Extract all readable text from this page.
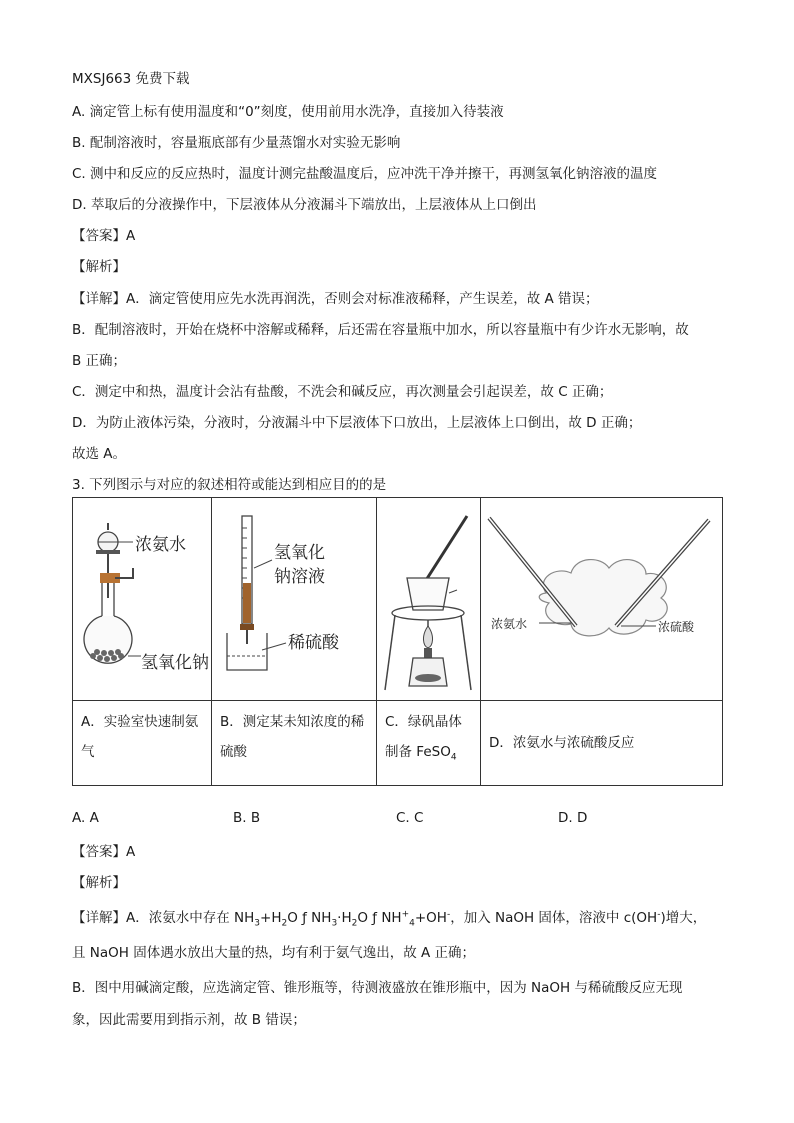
MXSJ663 免费下载
A. 滴定管上标有使用温度和“0”刻度，使用前用水洗净，直接加入待装液
B. 配制溶液时，容量瓶底部有少量蒸馏水对实验无影响
C. 测中和反应的反应热时，温度计测完盐酸温度后，应冲洗干净并擦干，再测氢氧化钠溶液的温度
D. 萃取后的分液操作中，下层液体从分液漏斗下端放出，上层液体从上口倒出
【答案】A
【解析】
【详解】A．滴定管使用应先水洗再润洗，否则会对标准液稀释，产生误差，故 A 错误；
B．配制溶液时，开始在烧杯中溶解或稀释，后还需在容量瓶中加水，所以容量瓶中有少许水无影响，故
B 正确；
C．测定中和热，温度计会沾有盐酸，不洗会和碱反应，再次测量会引起误差，故 C 正确；
D．为防止液体污染，分液时，分液漏斗中下层液体下口放出，上层液体上口倒出，故 D 正确；
故选 A。
3. 下列图示与对应的叙述相符或能达到相应目的的是
浓氨水
氢氧化钠	氢氧化
钠溶液
稀硫酸		浓氨水 浓硫酸

A．实验室快速制氨气	B．测定某未知浓度的稀硫酸	C．绿矾晶体制备 FeSO$_4$	D．浓氨水与浓硫酸反应
A. A	B. B	C. C	D. D
【答案】A
【解析】
【详解】A．浓氨水中存在 $NH_3+H_2O$ ƒ $NH_3\cdot H_2O$ ƒ $NH^+_4+OH^-$，加入 NaOH 固体，溶液中 c(OH-)增大，
且 NaOH 固体遇水放出大量的热，均有利于氨气逸出，故 A 正确；
B．图中用碱滴定酸，应选滴定管、锥形瓶等，待测液盛放在锥形瓶中，因为 NaOH 与稀硫酸反应无现
象，因此需要用到指示剂，故 B 错误；
